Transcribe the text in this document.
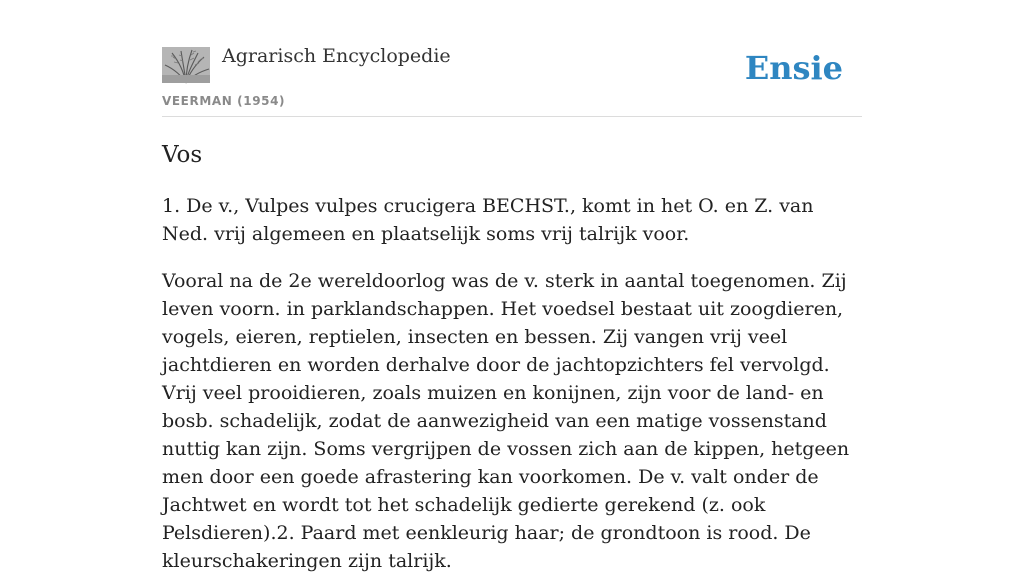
Agrarisch Encyclopedie
VEERMAN (1954)
Ensie
Vos

1. De v., Vulpes vulpes crucigera BECHST., komt in het O. en Z. van Ned. vrij algemeen en plaatselijk soms vrij talrijk voor.

Vooral na de 2e wereldoorlog was de v. sterk in aantal toegenomen. Zij leven voorn. in parklandschappen. Het voedsel bestaat uit zoogdieren, vogels, eieren, reptielen, insecten en bessen. Zij vangen vrij veel jachtdieren en worden derhalve door de jachtopzichters fel vervolgd. Vrij veel prooidieren, zoals muizen en konijnen, zijn voor de land- en bosb. schadelijk, zodat de aanwezigheid van een matige vossenstand nuttig kan zijn. Soms vergrijpen de vossen zich aan de kippen, hetgeen men door een goede afrastering kan voorkomen. De v. valt onder de Jachtwet en wordt tot het schadelijk gedierte gerekend (z. ook Pelsdieren).2. Paard met eenkleurig haar; de grondtoon is rood. De kleurschakeringen zijn talrijk.
